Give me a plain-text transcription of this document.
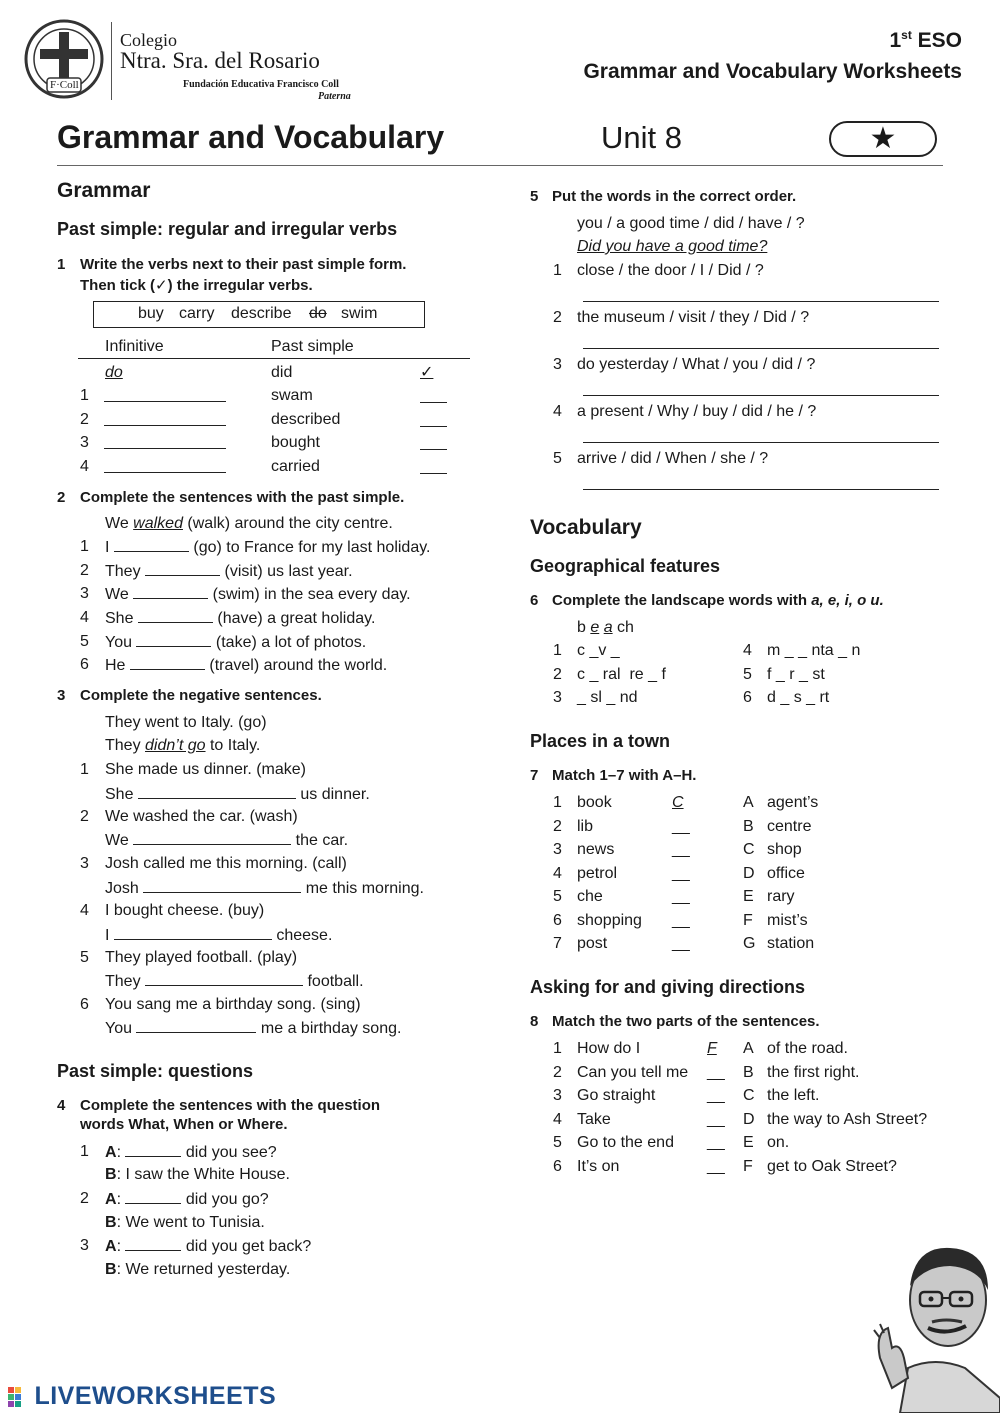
F·Coll
Colegio
Ntra. Sra. del Rosario
Fundación Educativa Francisco Coll
Paterna
1st ESO
Grammar and Vocabulary Worksheets
Grammar and Vocabulary	Unit 8	★
Grammar
Past simple: regular and irregular verbs
1 Write the verbs next to their past simple form.
Then tick (✓) the irregular verbs.
buy carry describe do swim
Infinitive	Past simple
do	did	✓
1	swam
2	described
3	bought
4	carried
2 Complete the sentences with the past simple.
We walked (walk) around the city centre.
1 I	(go) to France for my last holiday.
2 They	(visit) us last year.
3 We	(swim) in the sea every day.
4 She	(have) a great holiday.
5 You	(take) a lot of photos.
6 He	(travel) around the world.
3 Complete the negative sentences.
They went to Italy. (go)
They didn’t go to Italy.
1 She made us dinner. (make)
She	us dinner.
2 We washed the car. (wash)
We	the car.
3 Josh called me this morning. (call)
Josh	me this morning.
4 I bought cheese. (buy)
I	cheese.
5 They played football. (play)
They	football.
6 You sang me a birthday song. (sing)
You	me a birthday song.
Past simple: questions
4 Complete the sentences with the question
words What, When or Where.
1 A:	did you see?
B: I saw the White House.
2 A:	did you go?
B: We went to Tunisia.
3 A:	did you get back?
B: We returned yesterday.
5 Put the words in the correct order.
you / a good time / did / have / ?
Did you have a good time?
1 close / the door / I / Did / ?
2 the museum / visit / they / Did / ?
3 do yesterday / What / you / did / ?
4 a present / Why / buy / did / he / ?
5 arrive / did / When / she / ?
Vocabulary
Geographical features
6 Complete the landscape words with a, e, i, o u.
b e a ch
1 c _v _
2 c _ ral  re _ f
3 _ sl _ nd
4 m _ _ nta _ n
5 f _ r _ st
6 d _ s _ rt
Places in a town
7 Match 1–7 with A–H.
1 book	C	A agent’s
2 lib	__	B centre
3 news	__	C shop
4 petrol	__	D office
5 che	__	E rary
6 shopping __	F mist’s
7 post	__	G station
Asking for and giving directions
8 Match the two parts of the sentences.
1 How do I	F A of the road.
2 Can you tell me __ B the first right.
3 Go straight	__ C the left.
4 Take	__ D the way to Ash Street?
5 Go to the end __ E on.
6 It’s on	__ F get to Oak Street?
LIVEWORKSHEETS
